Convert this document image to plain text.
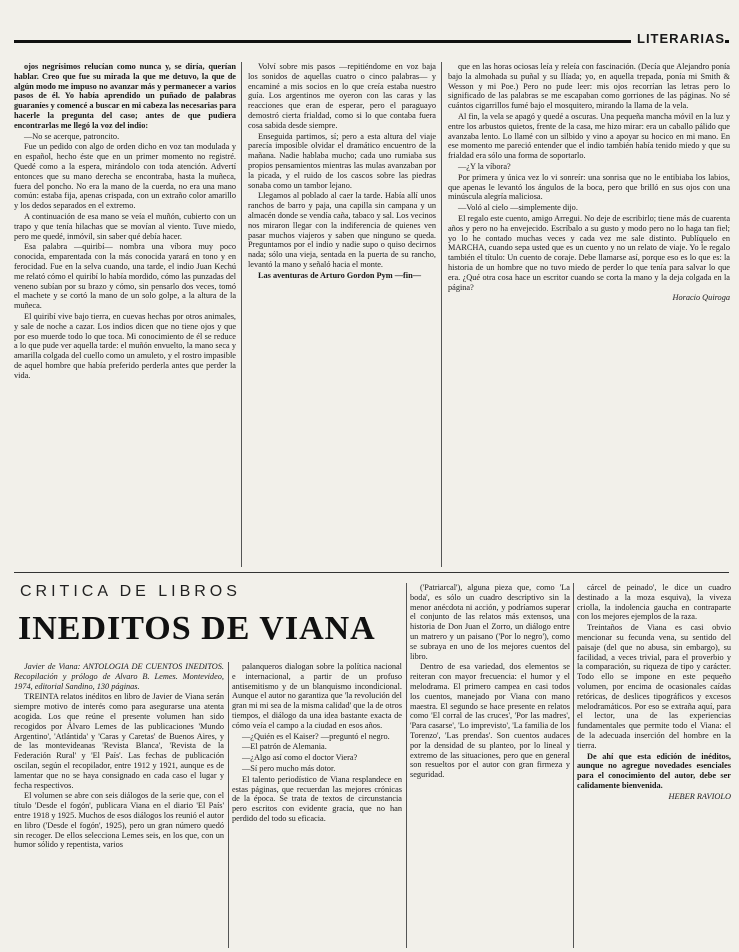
LITERARIAS

ojos negrísimos relucían como nunca y, se diría, querían hablar. Creo que fue su mirada la que me detuvo, la que de algún modo me impuso no avanzar más y permanecer a varios pasos de él. Yo había aprendido un puñado de palabras guaraníes y comencé a buscar en mi cabeza las necesarias para hacerle la pregunta del caso; antes de que pudiera encontrarlas me llegó la voz del indio:

—No se acerque, patroncito.

Fue un pedido con algo de orden dicho en voz tan modulada y en español, hecho éste que en un primer momento no registré. Quedé como a la espera, mirándolo con toda atención. Advertí entonces que su mano derecha se encontraba, hasta la muñeca, fuera del poncho. No era la mano de la cuerda, no era una mano común: estaba fija, apenas crispada, con un extraño color amarillo y los dedos separados en el extremo.

A continuación de esa mano se veía el muñón, cubierto con un trapo y que tenía hilachas que se movían al viento. Tuve miedo, pero me quedé, inmóvil, sin saber qué debía hacer.

Esa palabra —quiribí— nombra una víbora muy poco conocida, emparentada con la más conocida yarará en tono y en ferocidad. Fue en la selva cuando, una tarde, el indio Juan Kechú me relató cómo el quiribí lo había mordido, cómo las punzadas del veneno subían por su brazo y cómo, sin pensarlo dos veces, tomó el machete y se cortó la mano de un solo golpe, a la altura de la muñeca.

El quiribí vive bajo tierra, en cuevas hechas por otros animales, y sale de noche a cazar. Los indios dicen que no tiene ojos y que por eso muerde todo lo que toca. Mi conocimiento de él se reduce a lo que pude ver aquella tarde: el muñón envuelto, la mano seca y amarilla colgada del cuello como un amuleto, y el rostro impasible de aquel hombre que había preferido perderla antes que perder la vida.

Volví sobre mis pasos —repitiéndome en voz baja los sonidos de aquellas cuatro o cinco palabras— y encaminé a mis socios en lo que creía estaba nuestro guía. Los argentinos me oyeron con las caras y las reacciones que eran de esperar, pero el paraguayo demostró cierta frialdad, como si lo que contaba fuera cosa sabida desde siempre.

Enseguida partimos, sí; pero a esta altura del viaje parecía imposible olvidar el dramático encuentro de la mañana. Nadie hablaba mucho; cada uno rumiaba sus propios pensamientos mientras las mulas avanzaban por la picada, y el ruido de los cascos sobre las piedras sonaba como un tambor lejano.

Llegamos al poblado al caer la tarde. Había allí unos ranchos de barro y paja, una capilla sin campana y un almacén donde se vendía caña, tabaco y sal. Los vecinos nos miraron llegar con la indiferencia de quienes ven pasar muchos viajeros y saben que ninguno se queda. Preguntamos por el indio y nadie supo o quiso decirnos nada; sólo una vieja, sentada en la puerta de su rancho, levantó la mano y señaló hacia el monte.

Las aventuras de Arturo Gordon Pym —fin—

que en las horas ociosas leía y releía con fascinación. (Decía que Alejandro ponía bajo la almohada su puñal y su Ilíada; yo, en aquella trepada, ponía mi Smith & Wesson y mi Poe.) Pero no pude leer: mis ojos recorrían las letras pero lo significado de las palabras se me escapaban como gorriones de las páginas. No sé cuántos cigarrillos fumé bajo el mosquitero, mirando la llama de la vela.

Al fin, la vela se apagó y quedé a oscuras. Una pequeña mancha móvil en la luz y entre los arbustos quietos, frente de la casa, me hizo mirar: era un caballo pálido que avanzaba lento. Lo llamé con un silbido y vino a apoyar su hocico en mi mano. En ese momento me pareció entender que el indio también había tenido miedo y que su frialdad era sólo una forma de soportarlo.

—¿Y la víbora?

Por primera y única vez lo vi sonreír: una sonrisa que no le entibiaba los labios, que apenas le levantó los ángulos de la boca, pero que brilló en sus ojos con una minúscula alegría maliciosa.

—Voló al cielo —simplemente dijo.

El regalo este cuento, amigo Arregui. No deje de escribirlo; tiene más de cuarenta años y pero no ha envejecido. Escríbalo a su gusto y modo pero no lo haga tan fiel; yo lo he contado muchas veces y cada vez me sale distinto. Publíquelo en MARCHA, cuando sepa usted que es un cuento y no un relato de viaje. Yo le regalo también el título: Un cuento de coraje. Debe llamarse así, porque eso es lo que es: la historia de un hombre que no tuvo miedo de perder lo que tenía para salvar lo que era. ¿Qué otra cosa hace un escritor cuando se corta la mano y la deja colgada en la página?

Horacio Quiroga

CRITICA DE LIBROS
INEDITOS DE VIANA

Javier de Viana: ANTOLOGIA DE CUENTOS INEDITOS. Recopilación y prólogo de Alvaro B. Lemes. Montevideo, 1974, editorial Sandino, 130 páginas.

TREINTA relatos inéditos en libro de Javier de Viana serán siempre motivo de interés como para asegurarse una atenta acogida. Los que reúne el presente volumen han sido recogidos por Álvaro Lemes de las publicaciones 'Mundo Argentino', 'Atlántida' y 'Caras y Caretas' de Buenos Aires, y de las montevideanas 'Revista Blanca', 'Revista de la Federación Rural' y 'El País'. Las fechas de publicación oscilan, según el recopilador, entre 1912 y 1921, aunque es de lamentar que no se haya consignado en cada caso el lugar y fecha respectivos.

El volumen se abre con seis diálogos de la serie que, con el título 'Desde el fogón', publicara Viana en el diario 'El País' entre 1918 y 1925. Muchos de esos diálogos los reunió el autor en libro ('Desde el fogón', 1925), pero un gran número quedó sin recoger. De ellos selecciona Lemes seis, en los que, con un humor sólido y repentista, varios

palanqueros dialogan sobre la política nacional e internacional, a partir de un profuso antisemitismo y de un blanquismo incondicional. Aunque el autor no garantiza que 'la revolución del gran mi mi sea de la misma calidad' que la de otros tiempos, el diálogo da una idea bastante exacta de cómo veía el campo a la ciudad en esos años.

—¿Quién es el Kaiser? —preguntó el negro.

—El patrón de Alemania.

—¿Algo así como el doctor Viera?

—Sí pero mucho más dotor.

El talento periodístico de Viana resplandece en estas páginas, que recuerdan las mejores crónicas de la época. Se trata de textos de circunstancia pero escritos con evidente gracia, que no han perdido del todo su eficacia.

('Patriarcal'), alguna pieza que, como 'La boda', es sólo un cuadro descriptivo sin la menor anécdota ni acción, y podríamos superar el conjunto de las relatos más extensos, una historia de Don Juan el Zorro, un diálogo entre un matrero y un paisano ('Por lo negro'), como se subraya en uno de los mejores cuentos del libro.

Dentro de esa variedad, dos elementos se reiteran con mayor frecuencia: el humor y el melodrama. El primero campea en casi todos los cuentos, manejado por Viana con mano maestra. El segundo se hace presente en relatos como 'El corral de las cruces', 'Por las madres', 'Para casarse', 'Lo imprevisto', 'La familia de los Torenzo', 'Las prendas'. Son cuentos audaces por la densidad de su planteo, por lo lineal y extremo de las situaciones, pero que en general son resueltos por el autor con gran firmeza y seguridad.

cárcel de peinado', le dice un cuadro destinado a la moza esquiva), la viveza criolla, la indolencia gaucha en contraparte con los mejores ejemplos de la raza.

Treintaños de Viana es casi obvio mencionar su fecunda vena, su sentido del paisaje (del que no abusa, sin embargo), su facilidad, a veces trivial, para el proverbio y la comparación, su riqueza de tipo y carácter. Todo ello se impone en este pequeño volumen, por encima de ocasionales caídas retóricas, de deslices tipográficos y excesos melodramáticos. Por eso se extraña aquí, para el lector, una de las experiencias fundamentales que permite todo el Viana: el de la adecuada inserción del hombre en la tierra.

De ahí que esta edición de inéditos, aunque no agregue novedades esenciales para el conocimiento del autor, debe ser calidamente bienvenida.

HEBER RAVIOLO
